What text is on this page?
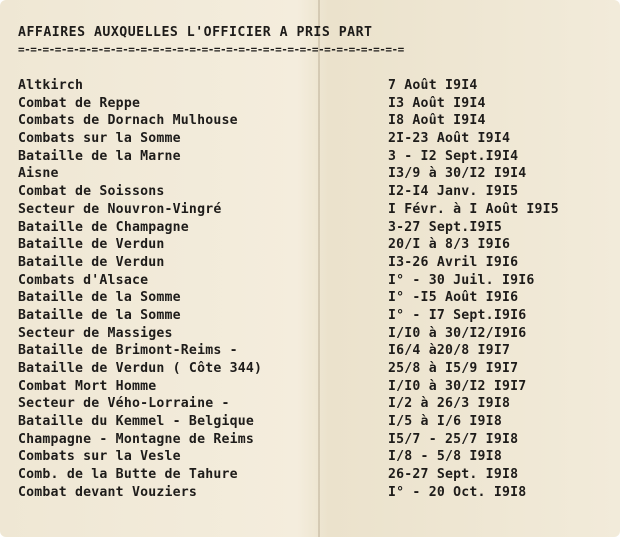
AFFAIRES AUXQUELLES L'OFFICIER A PRIS PART
=-=-=-=-=-=-=-=-=-=-=-=-=-=-=-=-=-=-=-=-=-=-=-=-=-=-=-=-=-=-=-=
Altkirch	7 Août I9I4
Combat de Reppe	I3 Août I9I4
Combats de Dornach Mulhouse	I8 Août I9I4
Combats sur la Somme	2I-23 Août I9I4
Bataille de la Marne	3 - I2 Sept.I9I4
Aisne	I3/9 à 30/I2 I9I4
Combat de Soissons	I2-I4 Janv. I9I5
Secteur de Nouvron-Vingré	I Févr. à I Août I9I5
Bataille de Champagne	3-27 Sept.I9I5
Bataille de Verdun	20/I à 8/3 I9I6
Bataille de Verdun	I3-26 Avril I9I6
Combats d'Alsace	I° - 30 Juil. I9I6
Bataille de la Somme	I° -I5 Août I9I6
Bataille de la Somme	I° - I7 Sept.I9I6
Secteur de Massiges	I/I0 à 30/I2/I9I6
Bataille de Brimont-Reims -	I6/4 à20/8 I9I7
Bataille de Verdun ( Côte 344)	25/8 à I5/9 I9I7
Combat Mort Homme	I/I0 à 30/I2 I9I7
Secteur de Vého-Lorraine -	I/2 à 26/3 I9I8
Bataille du Kemmel - Belgique	I/5 à I/6 I9I8
Champagne - Montagne de Reims	I5/7 - 25/7 I9I8
Combats sur la Vesle	I/8 - 5/8 I9I8
Comb. de la Butte de Tahure	26-27 Sept. I9I8
Combat devant Vouziers	I° - 20 Oct. I9I8
